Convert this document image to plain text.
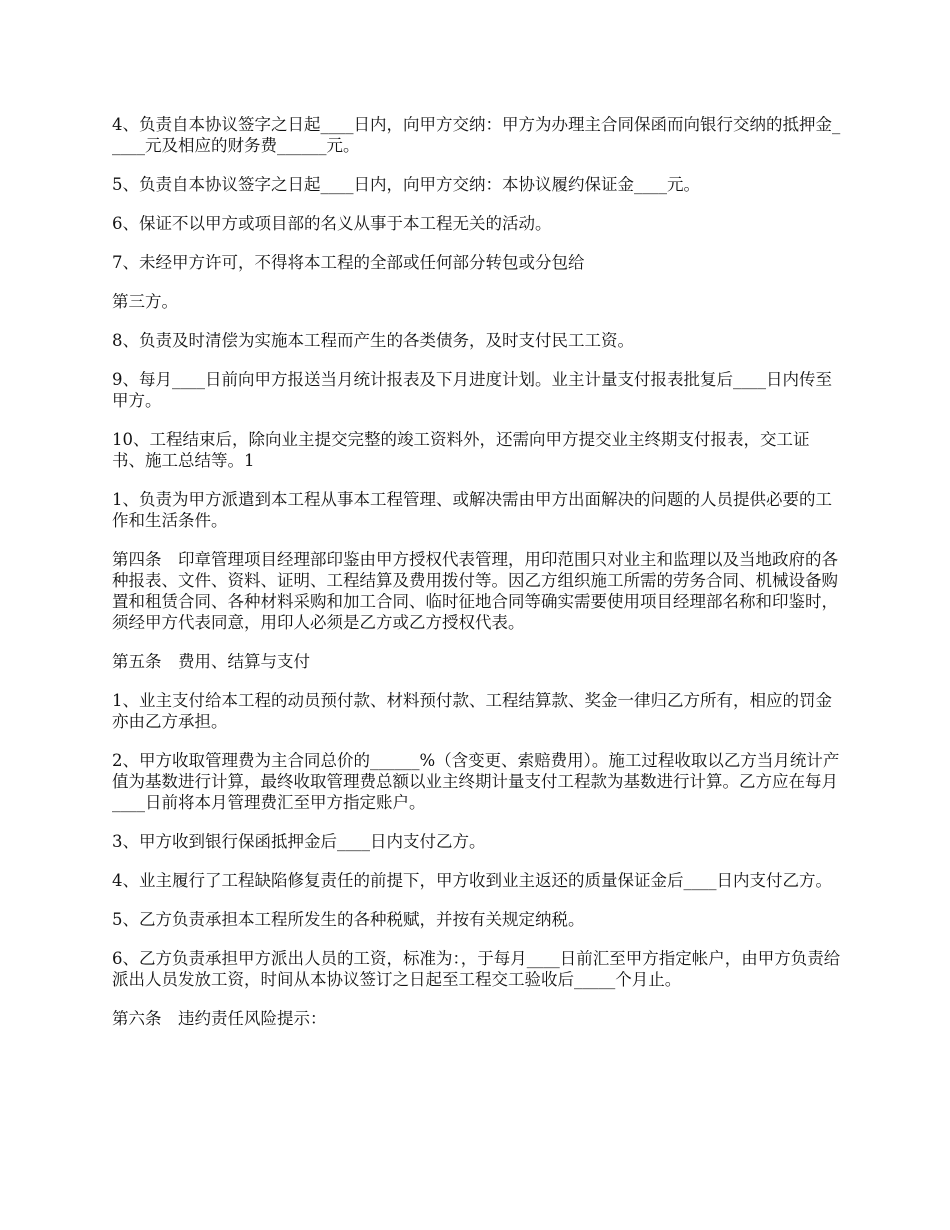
4、负责自本协议签字之日起____日内，向甲方交纳：甲方为办理主合同保函而向银行交纳的抵押金_____元及相应的财务费______元。

5、负责自本协议签字之日起____日内，向甲方交纳：本协议履约保证金____元。

6、保证不以甲方或项目部的名义从事于本工程无关的活动。

7、未经甲方许可，不得将本工程的全部或任何部分转包或分包给

第三方。

8、负责及时清偿为实施本工程而产生的各类债务，及时支付民工工资。

9、每月____日前向甲方报送当月统计报表及下月进度计划。业主计量支付报表批复后____日内传至甲方。

10、工程结束后，除向业主提交完整的竣工资料外，还需向甲方提交业主终期支付报表，交工证书、施工总结等。1

1、负责为甲方派遣到本工程从事本工程管理、或解决需由甲方出面解决的问题的人员提供必要的工作和生活条件。

第四条　印章管理项目经理部印鉴由甲方授权代表管理，用印范围只对业主和监理以及当地政府的各种报表、文件、资料、证明、工程结算及费用拨付等。因乙方组织施工所需的劳务合同、机械设备购置和租赁合同、各种材料采购和加工合同、临时征地合同等确实需要使用项目经理部名称和印鉴时，须经甲方代表同意，用印人必须是乙方或乙方授权代表。

第五条　费用、结算与支付

1、业主支付给本工程的动员预付款、材料预付款、工程结算款、奖金一律归乙方所有，相应的罚金亦由乙方承担。

2、甲方收取管理费为主合同总价的______%（含变更、索赔费用）。施工过程收取以乙方当月统计产值为基数进行计算，最终收取管理费总额以业主终期计量支付工程款为基数进行计算。乙方应在每月____日前将本月管理费汇至甲方指定账户。

3、甲方收到银行保函抵押金后____日内支付乙方。

4、业主履行了工程缺陷修复责任的前提下，甲方收到业主返还的质量保证金后____日内支付乙方。

5、乙方负责承担本工程所发生的各种税赋，并按有关规定纳税。

6、乙方负责承担甲方派出人员的工资，标准为：，于每月____日前汇至甲方指定帐户，由甲方负责给派出人员发放工资，时间从本协议签订之日起至工程交工验收后_____个月止。

第六条　违约责任风险提示：
